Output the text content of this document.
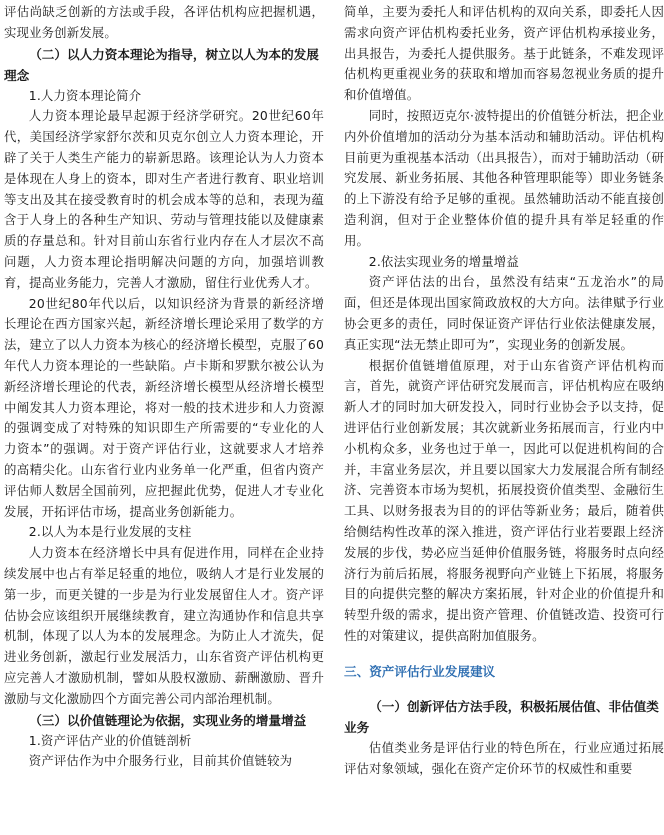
评估尚缺乏创新的方法或手段，各评估机构应把握机遇，实现业务创新发展。

（二）以人力资本理论为指导，树立以人为本的发展理念

1.人力资本理论简介

人力资本理论最早起源于经济学研究。20世纪60年代，美国经济学家舒尔茨和贝克尔创立人力资本理论，开辟了关于人类生产能力的崭新思路。该理论认为人力资本是体现在人身上的资本，即对生产者进行教育、职业培训等支出及其在接受教育时的机会成本等的总和，表现为蕴含于人身上的各种生产知识、劳动与管理技能以及健康素质的存量总和。针对目前山东省行业内存在人才层次不高问题，人力资本理论指明解决问题的方向，加强培训教育，提高业务能力，完善人才激励，留住行业优秀人才。

20世纪80年代以后，以知识经济为背景的新经济增长理论在西方国家兴起，新经济增长理论采用了数学的方法，建立了以人力资本为核心的经济增长模型，克服了60年代人力资本理论的一些缺陷。卢卡斯和罗默尔被公认为新经济增长理论的代表，新经济增长模型从经济增长模型中阐发其人力资本理论，将对一般的技术进步和人力资源的强调变成了对特殊的知识即生产所需要的“专业化的人力资本”的强调。对于资产评估行业，这就要求人才培养的高精尖化。山东省行业内业务单一化严重，但省内资产评估师人数居全国前列，应把握此优势，促进人才专业化发展，开拓评估市场，提高业务创新能力。

2.以人为本是行业发展的支柱

人力资本在经济增长中具有促进作用，同样在企业持续发展中也占有举足轻重的地位，吸纳人才是行业发展的第一步，而更关键的一步是为行业发展留住人才。资产评估协会应该组织开展继续教育，建立沟通协作和信息共享机制，体现了以人为本的发展理念。为防止人才流失，促进业务创新，激起行业发展活力，山东省资产评估机构更应完善人才激励机制，譬如从股权激励、薪酬激励、晋升激励与文化激励四个方面完善公司内部治理机制。

（三）以价值链理论为依据，实现业务的增量增益

1.资产评估产业的价值链剖析

资产评估作为中介服务行业，目前其价值链较为

简单，主要为委托人和评估机构的双向关系，即委托人因需求向资产评估机构委托业务，资产评估机构承接业务，出具报告，为委托人提供服务。基于此链条，不难发现评估机构更重视业务的获取和增加而容易忽视业务质的提升和价值增值。

同时，按照迈克尔·波特提出的价值链分析法，把企业内外价值增加的活动分为基本活动和辅助活动。评估机构目前更为重视基本活动（出具报告），而对于辅助活动（研究发展、新业务拓展、其他各种管理职能等）即业务链条的上下游没有给予足够的重视。虽然辅助活动不能直接创造利润，但对于企业整体价值的提升具有举足轻重的作用。

2.依法实现业务的增量增益

资产评估法的出台，虽然没有结束“五龙治水”的局面，但还是体现出国家简政放权的大方向。法律赋予行业协会更多的责任，同时保证资产评估行业依法健康发展，真正实现“法无禁止即可为”，实现业务的创新发展。

根据价值链增值原理，对于山东省资产评估机构而言，首先，就资产评估研究发展而言，评估机构应在吸纳新人才的同时加大研发投入，同时行业协会予以支持，促进评估行业创新发展；其次就新业务拓展而言，行业内中小机构众多，业务也过于单一，因此可以促进机构间的合并，丰富业务层次，并且要以国家大力发展混合所有制经济、完善资本市场为契机，拓展投资价值类型、金融衍生工具、以财务报表为目的的评估等新业务；最后，随着供给侧结构性改革的深入推进，资产评估行业若要跟上经济发展的步伐，势必应当延伸价值服务链，将服务时点向经济行为前后拓展，将服务视野向产业链上下拓展，将服务目的向提供完整的解决方案拓展，针对企业的价值提升和转型升级的需求，提出资产管理、价值链改造、投资可行性的对策建议，提供高附加值服务。

三、资产评估行业发展建议
（一）创新评估方法手段，积极拓展估值、非估值类业务

估值类业务是评估行业的特色所在，行业应通过拓展评估对象领域，强化在资产定价环节的权威性和重要
